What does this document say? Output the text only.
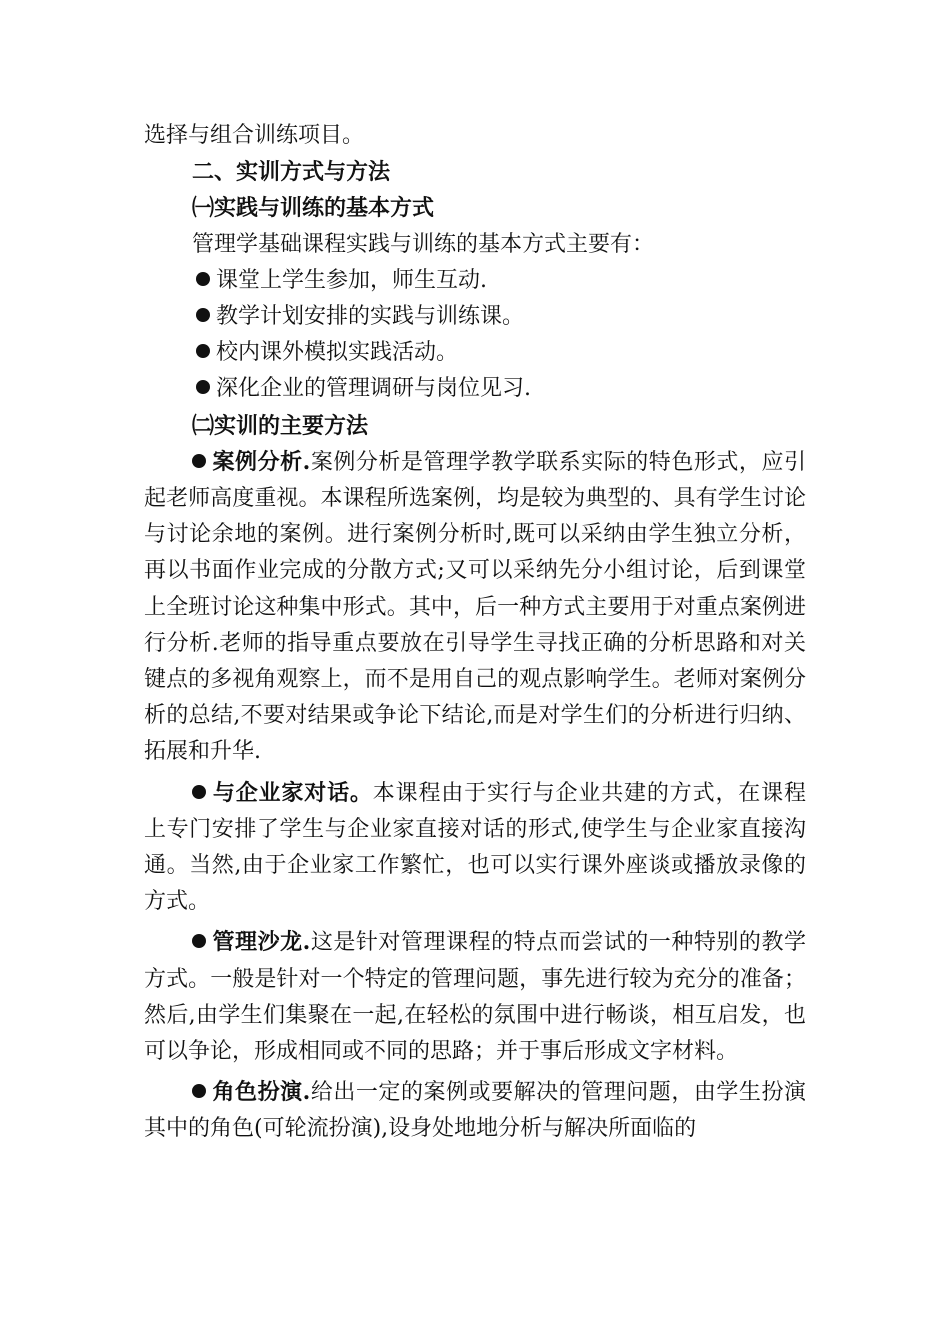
选择与组合训练项目。

二、实训方式与方法

㈠实践与训练的基本方式

管理学基础课程实践与训练的基本方式主要有：

课堂上学生参加，师生互动.

教学计划安排的实践与训练课。

校内课外模拟实践活动。

深化企业的管理调研与岗位见习.

㈡实训的主要方法

案例分析.案例分析是管理学教学联系实际的特色形式，应引起老师高度重视。本课程所选案例，均是较为典型的、具有学生讨论与讨论余地的案例。进行案例分析时,既可以采纳由学生独立分析，再以书面作业完成的分散方式;又可以采纳先分小组讨论，后到课堂上全班讨论这种集中形式。其中，后一种方式主要用于对重点案例进行分析.老师的指导重点要放在引导学生寻找正确的分析思路和对关键点的多视角观察上，而不是用自己的观点影响学生。老师对案例分析的总结,不要对结果或争论下结论,而是对学生们的分析进行归纳、拓展和升华.

与企业家对话。本课程由于实行与企业共建的方式，在课程上专门安排了学生与企业家直接对话的形式,使学生与企业家直接沟通。当然,由于企业家工作繁忙，也可以实行课外座谈或播放录像的方式。

管理沙龙.这是针对管理课程的特点而尝试的一种特别的教学方式。一般是针对一个特定的管理问题，事先进行较为充分的准备；然后,由学生们集聚在一起,在轻松的氛围中进行畅谈，相互启发，也可以争论，形成相同或不同的思路；并于事后形成文字材料。

角色扮演.给出一定的案例或要解决的管理问题，由学生扮演其中的角色(可轮流扮演),设身处地地分析与解决所面临的
